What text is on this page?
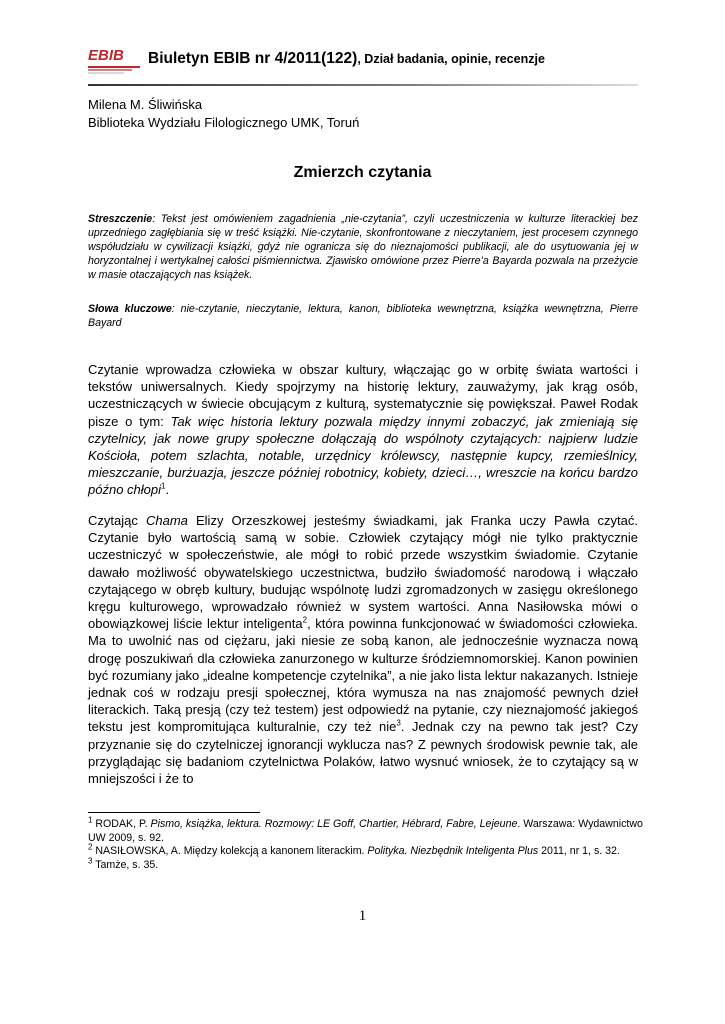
EBIB Biuletyn EBIB nr 4/2011(122), Dział badania, opinie, recenzje
Milena M. Śliwińska
Biblioteka Wydziału Filologicznego UMK, Toruń
Zmierzch czytania
Streszczenie: Tekst jest omówieniem zagadnienia „nie-czytania”, czyli uczestniczenia w kulturze literackiej bez uprzedniego zagłębiania się w treść książki. Nie-czytanie, skonfrontowane z nieczytaniem, jest procesem czynnego współudziału w cywilizacji książki, gdyż nie ogranicza się do nieznajomości publikacji, ale do usytuowania jej w horyzontalnej i wertykalnej całości piśmiennictwa. Zjawisko omówione przez Pierre’a Bayarda pozwala na przeżycie w masie otaczających nas książek.
Słowa kluczowe: nie-czytanie, nieczytanie, lektura, kanon, biblioteka wewnętrzna, książka wewnętrzna, Pierre Bayard
Czytanie wprowadza człowieka w obszar kultury, włączając go w orbitę świata wartości i tekstów uniwersalnych. Kiedy spojrzymy na historię lektury, zauważymy, jak krąg osób, uczestniczących w świecie obcującym z kulturą, systematycznie się powiększał. Paweł Rodak pisze o tym: Tak więc historia lektury pozwala między innymi zobaczyć, jak zmieniają się czytelnicy, jak nowe grupy społeczne dołączają do wspólnoty czytających: najpierw ludzie Kościoła, potem szlachta, notable, urzędnicy królewscy, następnie kupcy, rzemieślnicy, mieszczanie, burżuazja, jeszcze później robotnicy, kobiety, dzieci…, wreszcie na końcu bardzo późno chłopi$^1$.
Czytając Chama Elizy Orzeszkowej jesteśmy świadkami, jak Franka uczy Pawła czytać. Czytanie było wartością samą w sobie. Człowiek czytający mógł nie tylko praktycznie uczestniczyć w społeczeństwie, ale mógł to robić przede wszystkim świadomie. Czytanie dawało możliwość obywatelskiego uczestnictwa, budziło świadomość narodową i włączało czytającego w obręb kultury, budując wspólnotę ludzi zgromadzonych w zasięgu określonego kręgu kulturowego, wprowadzało również w system wartości. Anna Nasiłowska mówi o obowiązkowej liście lektur inteligenta$^2$, która powinna funkcjonować w świadomości człowieka. Ma to uwolnić nas od ciężaru, jaki niesie ze sobą kanon, ale jednocześnie wyznacza nową drogę poszukiwań dla człowieka zanurzonego w kulturze śródziemnomorskiej. Kanon powinien być rozumiany jako „idealne kompetencje czytelnika”, a nie jako lista lektur nakazanych. Istnieje jednak coś w rodzaju presji społecznej, która wymusza na nas znajomość pewnych dzieł literackich. Taką presją (czy też testem) jest odpowiedź na pytanie, czy nieznajomość jakiegoś tekstu jest kompromitująca kulturalnie, czy też nie$^3$. Jednak czy na pewno tak jest? Czy przyznanie się do czytelniczej ignorancji wyklucza nas? Z pewnych środowisk pewnie tak, ale przyglądając się badaniom czytelnictwa Polaków, łatwo wysnuć wniosek, że to czytający są w mniejszości i że to
$^1$ RODAK, P. Pismo, książka, lektura. Rozmowy: LE Goff, Chartier, Hébrard, Fabre, Lejeune. Warszawa: Wydawnictwo UW 2009, s. 92.
$^2$ NASIŁOWSKA, A. Między kolekcją a kanonem literackim. Polityka. Niezbędnik Inteligenta Plus 2011, nr 1, s. 32.
$^3$ Tamże, s. 35.
1
